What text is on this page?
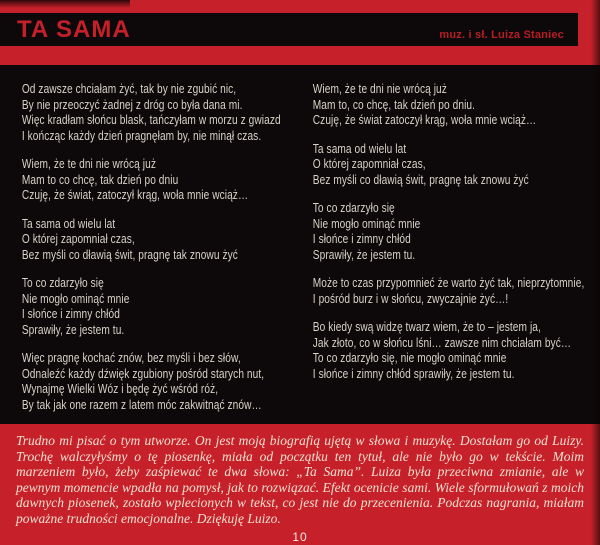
TA SAMA	muz. i sł. Luiza Staniec

Od zawsze chciałam żyć, tak by nie zgubić nic,
By nie przeoczyć żadnej z dróg co była dana mi.
Więc kradłam słońcu blask, tańczyłam w morzu z gwiazd
I kończąc każdy dzień pragnęłam by, nie minął czas.

Wiem, że te dni nie wrócą już
Mam to co chcę, tak dzień po dniu
Czuję, że świat, zatoczył krąg, woła mnie wciąż…

Ta sama od wielu lat
O której zapomniał czas,
Bez myśli co dławią świt, pragnę tak znowu żyć

To co zdarzyło się
Nie mogło ominąć mnie
I słońce i zimny chłód
Sprawiły, że jestem tu.

Więc pragnę kochać znów, bez myśli i bez słów,
Odnaleźć każdy dźwięk zgubiony pośród starych nut,
Wynajmę Wielki Wóz i będę żyć wśród róż,
By tak jak one razem z latem móc zakwitnąć znów…

Wiem, że te dni nie wrócą już
Mam to, co chcę, tak dzień po dniu.
Czuję, że świat zatoczył krąg, woła mnie wciąż…

Ta sama od wielu lat
O której zapomniał czas,
Bez myśli co dławią świt, pragnę tak znowu żyć

To co zdarzyło się
Nie mogło ominąć mnie
I słońce i zimny chłód
Sprawiły, że jestem tu.

Może to czas przypomnieć że warto żyć tak, nieprzytomnie,
I pośród burz i w słońcu, zwyczajnie żyć…!

Bo kiedy swą widzę twarz wiem, że to – jestem ja,
Jak złoto, co w słońcu lśni… zawsze nim chciałam być…
To co zdarzyło się, nie mogło ominąć mnie
I słońce i zimny chłód sprawiły, że jestem tu.

Trudno mi pisać o tym utworze. On jest moją biografią ujętą w słowa i muzykę. Dostałam go od Luizy. Trochę walczyłyśmy o tę piosenkę, miała od początku ten tytuł, ale nie było go w tekście. Moim marzeniem było, żeby zaśpiewać te dwa słowa: „Ta Sama”. Luiza była przeciwna zmianie, ale w pewnym momencie wpadła na pomysł, jak to rozwiązać. Efekt ocenicie sami. Wiele sformułowań z moich dawnych piosenek, zostało wplecionych w tekst, co jest nie do przecenienia. Podczas nagrania, miałam poważne trudności emocjonalne. Dziękuję Luizo.

10
